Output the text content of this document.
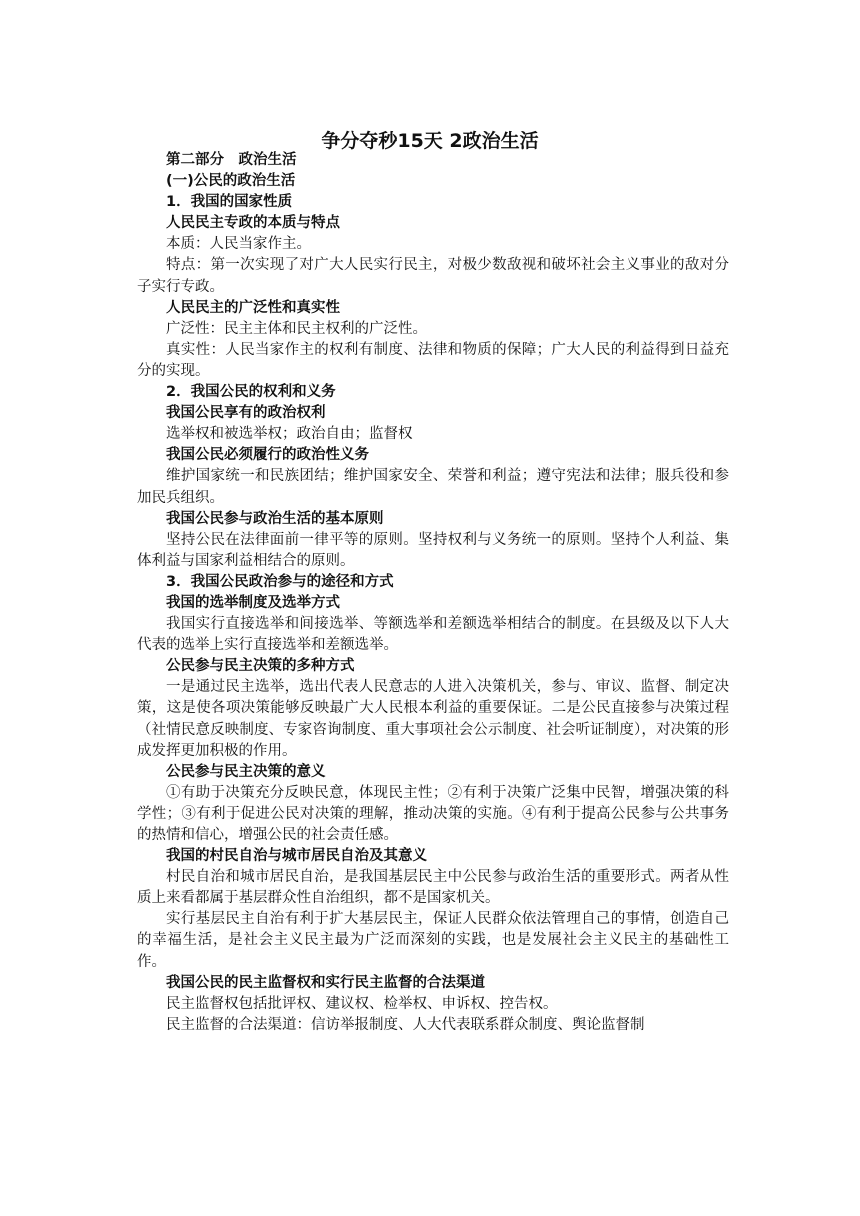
争分夺秒15天 2政治生活

第二部分　政治生活

(一)公民的政治生活

1．我国的国家性质

人民民主专政的本质与特点

本质：人民当家作主。

特点：第一次实现了对广大人民实行民主，对极少数敌视和破坏社会主义事业的敌对分子实行专政。

人民民主的广泛性和真实性

广泛性：民主主体和民主权利的广泛性。

真实性：人民当家作主的权利有制度、法律和物质的保障；广大人民的利益得到日益充分的实现。

2．我国公民的权利和义务

我国公民享有的政治权利

选举权和被选举权；政治自由；监督权

我国公民必须履行的政治性义务

维护国家统一和民族团结；维护国家安全、荣誉和利益；遵守宪法和法律；服兵役和参加民兵组织。

我国公民参与政治生活的基本原则

坚持公民在法律面前一律平等的原则。坚持权利与义务统一的原则。坚持个人利益、集体利益与国家利益相结合的原则。

3．我国公民政治参与的途径和方式

我国的选举制度及选举方式

我国实行直接选举和间接选举、等额选举和差额选举相结合的制度。在县级及以下人大代表的选举上实行直接选举和差额选举。

公民参与民主决策的多种方式

一是通过民主选举，选出代表人民意志的人进入决策机关，参与、审议、监督、制定决策，这是使各项决策能够反映最广大人民根本利益的重要保证。二是公民直接参与决策过程（社情民意反映制度、专家咨询制度、重大事项社会公示制度、社会听证制度），对决策的形成发挥更加积极的作用。

公民参与民主决策的意义

①有助于决策充分反映民意，体现民主性；②有利于决策广泛集中民智，增强决策的科学性；③有利于促进公民对决策的理解，推动决策的实施。④有利于提高公民参与公共事务的热情和信心，增强公民的社会责任感。

我国的村民自治与城市居民自治及其意义

村民自治和城市居民自治，是我国基层民主中公民参与政治生活的重要形式。两者从性质上来看都属于基层群众性自治组织，都不是国家机关。

实行基层民主自治有利于扩大基层民主，保证人民群众依法管理自己的事情，创造自己的幸福生活，是社会主义民主最为广泛而深刻的实践，也是发展社会主义民主的基础性工作。

我国公民的民主监督权和实行民主监督的合法渠道

民主监督权包括批评权、建议权、检举权、申诉权、控告权。

民主监督的合法渠道：信访举报制度、人大代表联系群众制度、舆论监督制
